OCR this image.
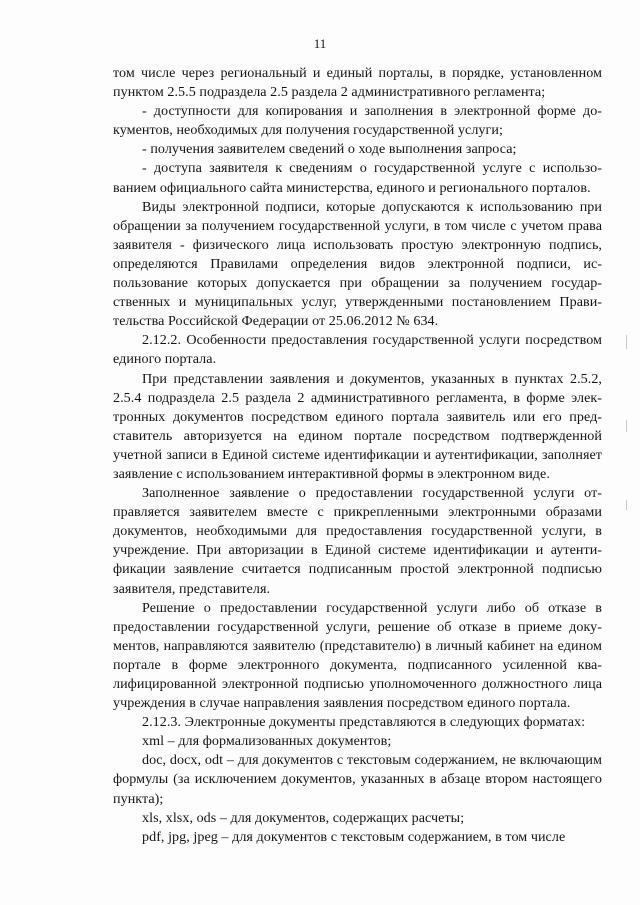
11

том числе через региональный и единый порталы, в порядке, установленном пунктом 2.5.5 подраздела 2.5 раздела 2 административного регламента;

- доступности для копирования и заполнения в электронной форме документов, необходимых для получения государственной услуги;

- получения заявителем сведений о ходе выполнения запроса;

- доступа заявителя к сведениям о государственной услуге с использованием официального сайта министерства, единого и регионального порталов.

Виды электронной подписи, которые допускаются к использованию при обращении за получением государственной услуги, в том числе с учетом права заявителя - физического лица использовать простую электронную подпись, определяются Правилами определения видов электронной подписи, использование которых допускается при обращении за получением государственных и муниципальных услуг, утвержденными постановлением Правительства Российской Федерации от 25.06.2012 № 634.

2.12.2. Особенности предоставления государственной услуги посредством единого портала.

При представлении заявления и документов, указанных в пунктах 2.5.2, 2.5.4 подраздела 2.5 раздела 2 административного регламента, в форме электронных документов посредством единого портала заявитель или его представитель авторизуется на едином портале посредством подтвержденной учетной записи в Единой системе идентификации и аутентификации, заполняет заявление с использованием интерактивной формы в электронном виде.

Заполненное заявление о предоставлении государственной услуги отправляется заявителем вместе с прикрепленными электронными образами документов, необходимыми для предоставления государственной услуги, в учреждение. При авторизации в Единой системе идентификации и аутентификации заявление считается подписанным простой электронной подписью заявителя, представителя.

Решение о предоставлении государственной услуги либо об отказе в предоставлении государственной услуги, решение об отказе в приеме документов, направляются заявителю (представителю) в личный кабинет на едином портале в форме электронного документа, подписанного усиленной квалифицированной электронной подписью уполномоченного должностного лица учреждения в случае направления заявления посредством единого портала.

2.12.3. Электронные документы представляются в следующих форматах:

xml – для формализованных документов;

doc, docx, odt – для документов с текстовым содержанием, не включающим формулы (за исключением документов, указанных в абзаце втором настоящего пункта);

xls, xlsx, ods – для документов, содержащих расчеты;

pdf, jpg, jpeg – для документов с текстовым содержанием, в том числе
